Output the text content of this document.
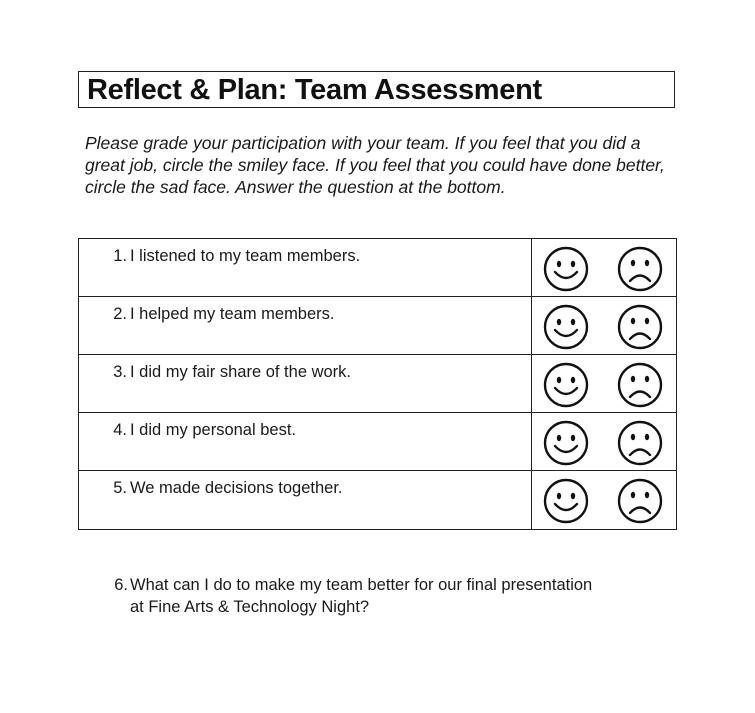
Reflect & Plan: Team Assessment
Please grade your participation with your team. If you feel that you did a great job, circle the smiley face. If you feel that you could have done better, circle the sad face. Answer the question at the bottom.
1. I listened to my team members.
2. I helped my team members.
3. I did my fair share of the work.
4. I did my personal best.
5. We made decisions together.
6. What can I do to make my team better for our final presentation at Fine Arts & Technology Night?
